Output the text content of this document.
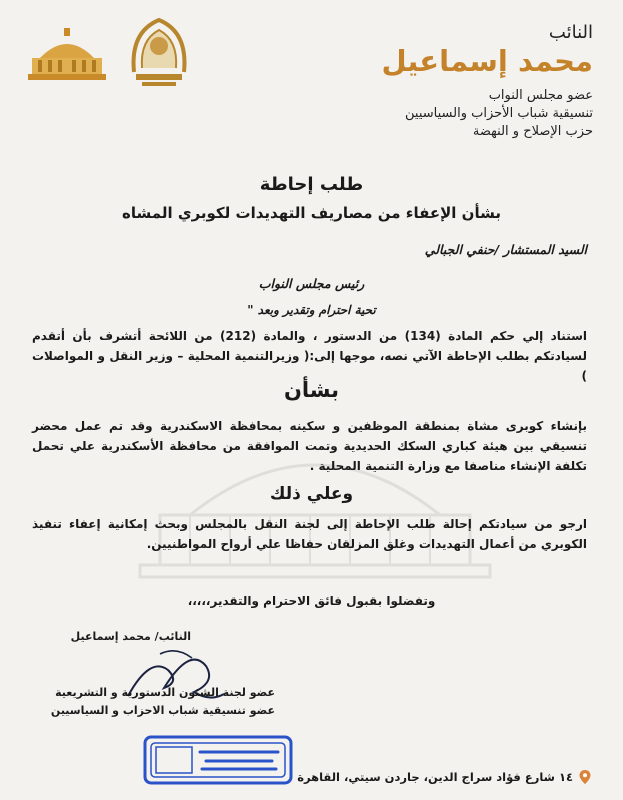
النائب
محمد إسماعيل
عضو مجلس النواب
تنسيقية شباب الأحزاب والسياسيين
حزب الإصلاح و النهضة
طلب إحاطة
بشأن الإعفاء من مصاريف التهديدات لكوبري المشاه
السيد المستشار /حنفي الجبالي
رئيس مجلس النواب
تحية احترام وتقدير وبعد "
استناد إلي حكم المادة (134) من الدستور ، والمادة (212) من اللائحة أتشرف بأن أتقدم لسيادتكم بطلب الإحاطة الآتي نصه، موجها إلى:( وزيرالتنمية المحلية – وزير النقل و المواصلات )
بشأن
بإنشاء كوبرى مشاة بمنطقة الموظفين و سكينه بمحافظة الاسكندرية وقد تم عمل محضر تنسيقي بين هيئة كباري السكك الحديدية وتمت الموافقة من محافظة الأسكندرية علي تحمل تكلفة الإنشاء مناصفا مع وزارة التنمية المحلية .
وعلي ذلك
ارجو من سيادتكم إحالة طلب الإحاطة إلى لجنة النقل بالمجلس وبحث إمكانية إعفاء تنفيذ الكوبري من أعمال التهديدات وغلق المزلقان حفاظا علي أرواح المواطنيين.
وتفضلوا بقبول فائق الاحترام والتقدير،،،،،
النائب/ محمد إسماعيل
عضو لجنة الشئون الدستورية و التشريعية
عضو تنسيقية شباب الاحزاب و السياسيين
١٤ شارع فؤاد سراج الدين، جاردن سيتي، القاهرة
